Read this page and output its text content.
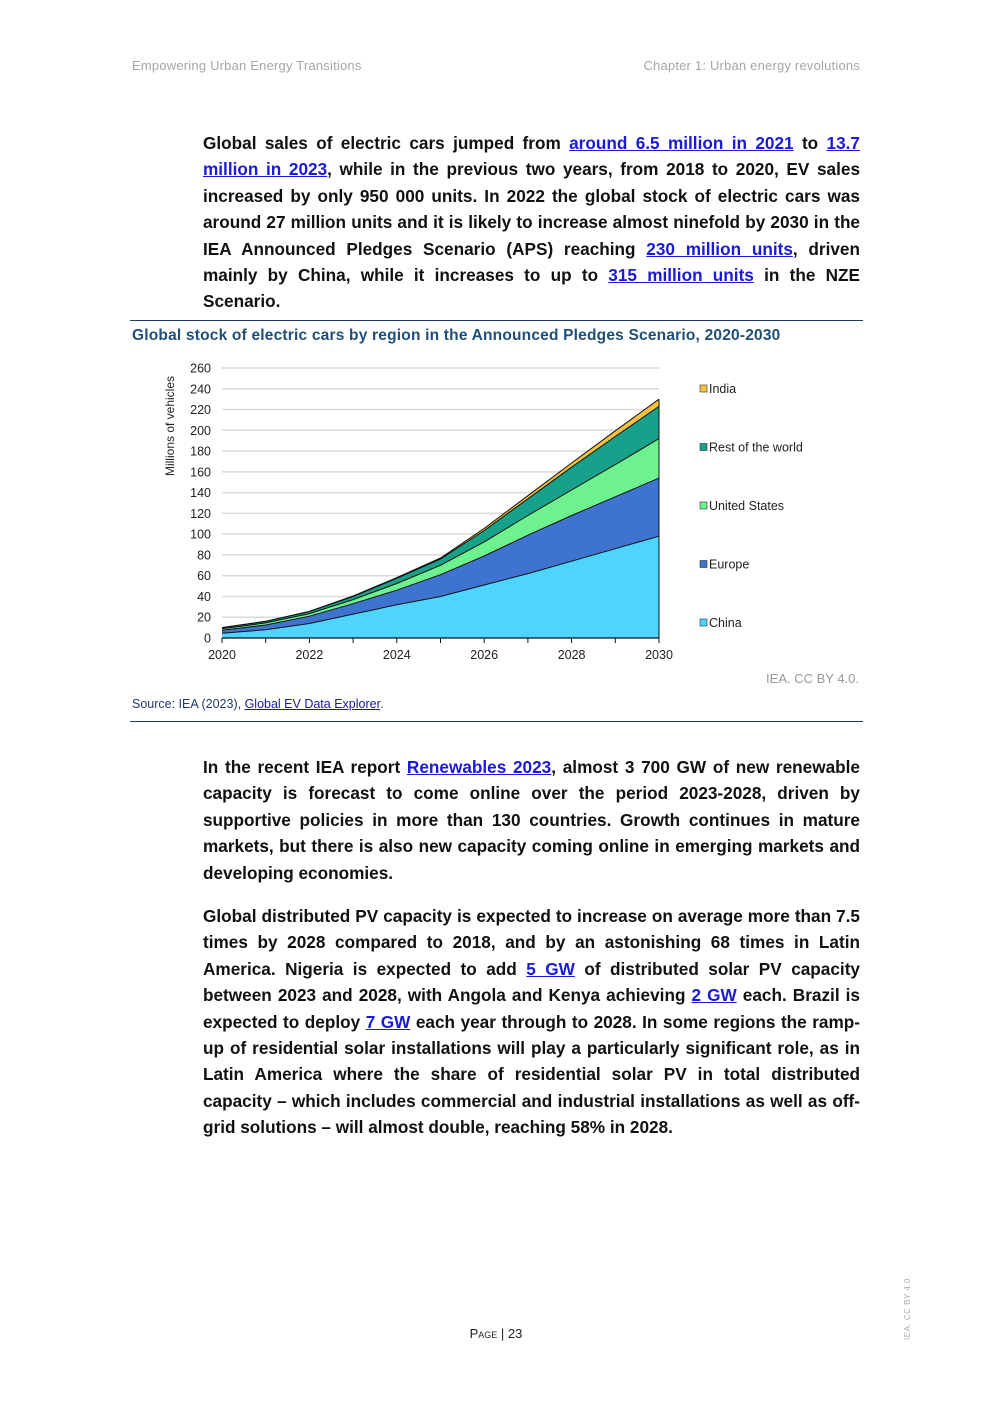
Empowering Urban Energy Transitions	Chapter 1: Urban energy revolutions

Global sales of electric cars jumped from around 6.5 million in 2021 to 13.7 million in 2023, while in the previous two years, from 2018 to 2020, EV sales increased by only 950 000 units. In 2022 the global stock of electric cars was around 27 million units and it is likely to increase almost ninefold by 2030 in the IEA Announced Pledges Scenario (APS) reaching 230 million units, driven mainly by China, while it increases to up to 315 million units in the NZE Scenario.

Global stock of electric cars by region in the Announced Pledges Scenario, 2020-2030
0
20
40
60
80
100
120
140
160
180
200
220
240
260
2020	2022	2024	2026	2028	2030
Millions of vehicles	India
Rest of the world
United States
Europe
China
IEA. CC BY 4.0.
Source: IEA (2023), Global EV Data Explorer.

In the recent IEA report Renewables 2023, almost 3 700 GW of new renewable capacity is forecast to come online over the period 2023-2028, driven by supportive policies in more than 130 countries. Growth continues in mature markets, but there is also new capacity coming online in emerging markets and developing economies.

Global distributed PV capacity is expected to increase on average more than 7.5 times by 2028 compared to 2018, and by an astonishing 68 times in Latin America. Nigeria is expected to add 5 GW of distributed solar PV capacity between 2023 and 2028, with Angola and Kenya achieving 2 GW each. Brazil is expected to deploy 7 GW each year through to 2028. In some regions the ramp-up of residential solar installations will play a particularly significant role, as in Latin America where the share of residential solar PV in total distributed capacity – which includes commercial and industrial installations as well as off-grid solutions – will almost double, reaching 58% in 2028.

Page | 23	IEA. CC BY 4.0.
